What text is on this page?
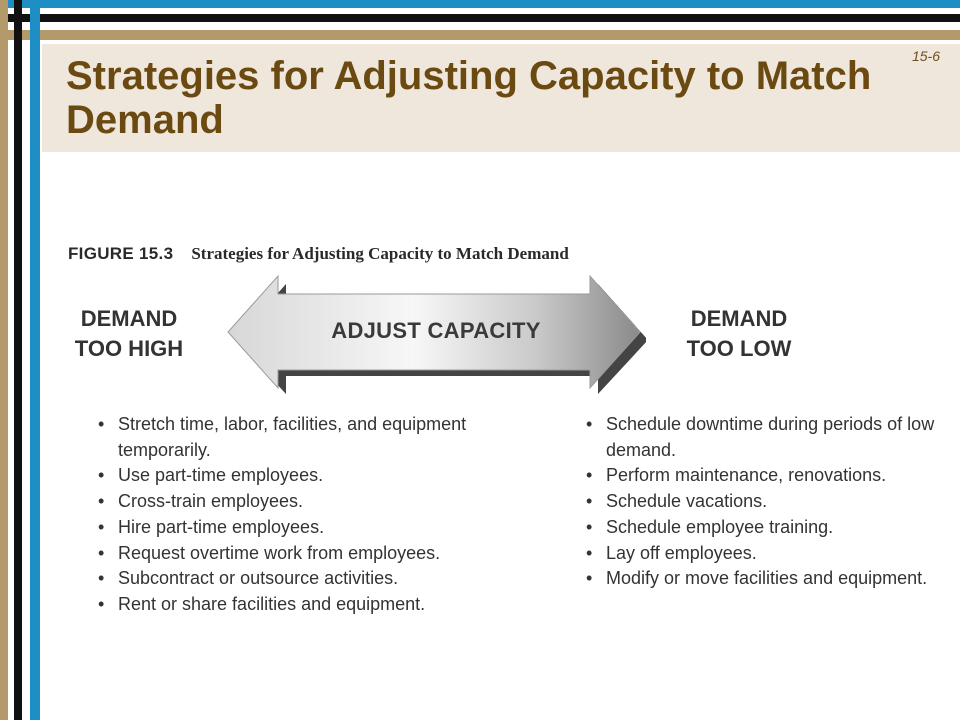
15-6
Strategies for Adjusting Capacity to Match Demand
FIGURE 15.3 Strategies for Adjusting Capacity to Match Demand
DEMAND
TOO HIGH
ADJUST CAPACITY	DEMAND
TOO LOW
• Stretch time, labor, facilities, and equipment temporarily.
• Use part-time employees.
• Cross-train employees.
• Hire part-time employees.
• Request overtime work from employees.
• Subcontract or outsource activities.
• Rent or share facilities and equipment.
• Schedule downtime during periods of low demand.
• Perform maintenance, renovations.
• Schedule vacations.
• Schedule employee training.
• Lay off employees.
• Modify or move facilities and equipment.
